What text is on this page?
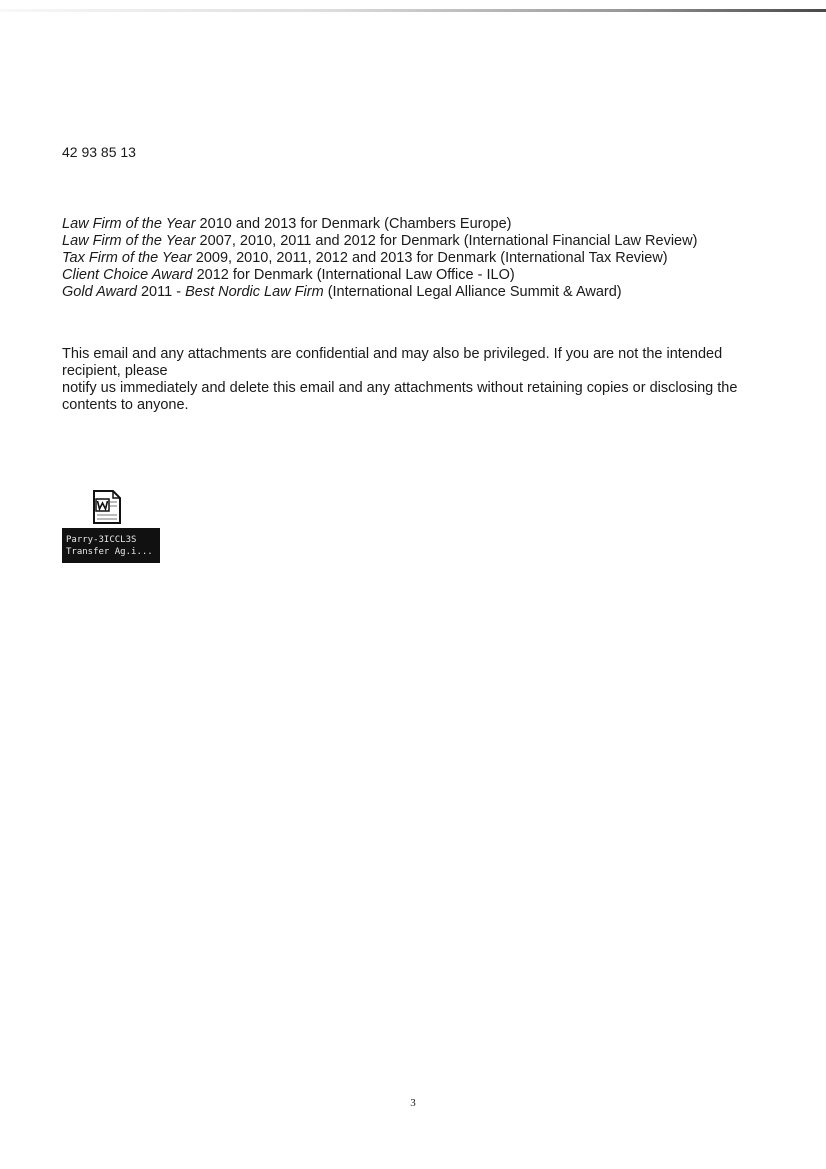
42 93 85 13

Law Firm of the Year 2010 and 2013 for Denmark (Chambers Europe)

Law Firm of the Year 2007, 2010, 2011 and 2012 for Denmark (International Financial Law Review)

Tax Firm of the Year 2009, 2010, 2011, 2012 and 2013 for Denmark (International Tax Review)

Client Choice Award 2012 for Denmark (International Law Office - ILO)

Gold Award 2011 - Best Nordic Law Firm (International Legal Alliance Summit & Award)

This email and any attachments are confidential and may also be privileged. If you are not the intended recipient, please

notify us immediately and delete this email and any attachments without retaining copies or disclosing the contents to anyone.

Parry-3ICCL3S
Transfer Ag.i...
3
